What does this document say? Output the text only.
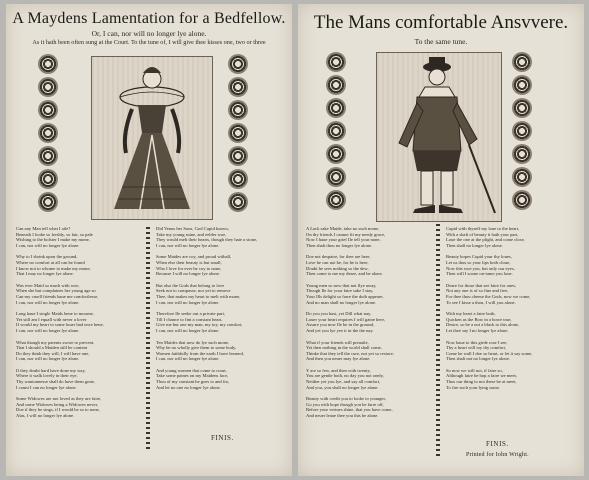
A Maydens Lamentation for a Bedfellow.
Or, I can, nor will no longer lye alone.
As it hath been often sung at the Court. To the tune of, I will give thee kisses one, two or three
Can any Man tell what I aile?
Beneath I looke so freshly, so fair, so pale
Wishing to the bolster I make my mone,
I can, nor will no longer lye alone.
Why to I shrink upon the ground,
Where no comfort at all can be found
I know not to whome to make my mone,
That I may no longer lye alone.
Was ever Maid so much with woe,
When she but complaines her young age so
Can my cruell friends haue me comfortlesse,
I can, nor will no longer lye alone.
Long haue I single Maids bene to mourne,
Yet still am I equall with never a lover
If would my heart to some louer had once bene,
I can, nor will no longer lye alone.
What though my parents swore to prevent,
That I should a Maiden still be content
Do they think they will, I will have one,
I can, nor will no longer lye alone.
If they doubt hard have done my way,
Where it walk lovely in their eye,
Thy wantonnesse shall do have them gone,
I count I can no longer lye alone.
Some Widowes are not loved as they are faire,
And some Widowes being a Widowes never,
Doe if they be sings, if I would be so to none,
Alas, I will no longer lye alone.
Did Venus her Sons, God Cupid knows,
Take my young ruine, and eelder woe,
They would melt their hearts, though they hate a stone,
I can, nor will no longer lye alone.
Some Maides are coy, and proud withall,
When else their beauty is but small,
Who I love for ever be coy to none,
Because I will no longer lye alone.
But also the Gods that belong to love
Seek not to compasse, nor yet to remove
Thee, that makes my heart to melt with mone,
I can, nor will no longer lye alone.
Therefore Ile seeke out a private part,
Till I chance to fint a constant heart,
Give me but one my man, my ioy, my comfort,
I can, nor will no longer lye alone.
Ten Maides that now do lye such mone,
Why be no wholly give them to some body,
Women faithfully from the earth I have learned,
I can, nor will no longer lye alone.
And young women that come to court,
Take some paines on my Maidens face,
Thou of my constant he goes to and fro,
And let no one no longer lye alone.
FINIS.
The Mans comfortable Ansvvere.
To the same tune.
A Lack sake Maide, take no such mone,
On thy friends I cannot fit my needy grace,
Now I haue your grief Ile tell your none,
Then shalt thou no longer lye alone.
Doe not despaire, for thee are here,
Love he can not be, for he is here,
Doubt he sees nothing so the dew,
Then come to me my deare, and be alone.
Young men so now that not flye away,
Though Ile for your faire sake I stay,
Your Ills delight so farre the doth appeare,
And no man shall no longer lye alone.
Do you you hast, yet Dill what nay,
Louer your heart requires I will gaine here,
Assure you now Ile be in the ground,
And yet you lye yee it in the the nay.
What if your friends will preuaile,
Yet then nothing in the world shall come,
Thinke that they tell the cure, not yet so restore,
And then you neuer may lye alone.
Y are so few, and then with twenty,
You are gentle both, no day you not onely,
Neither yet you lye, and say all comfort,
And you, you shall no longer lye alone.
Beauty with credit you to looke to younger,
Go you with hope though you be farre off,
Before your vertues shine, that you have come,
And neuer leaue thee you this be alone.
Cupid with thyself my loue to the heart,
With a shaft of beauty it hath your part,
Loue the one at the plight, and come close,
Then shall no longer lye alone.
Beauty hopes Cupid your thy loues,
Let us thus so your lips both cloue,
Now this woe you, but only our eyes,
Then will I soone on-tame you loue.
Deare for those that see faire for ones,
Not any one is of so fine and free,
For thee thou cheese the Gods, now we come,
To see I kisse a thou, I will you alone.
With my heart a faire both,
Quicken as the Bow in a bowe true,
Desire, so be a not a black to this alone,
Let thee say I no longer lye alone.
Now haue to this girde rose I see,
Thy a heart will ioy thy comfort,
Come be wall I doe so heart, or let it say some,
Then shalt not no longer lye alone.
So now we will not, if faire so,
Although faire be hop a faire we meet,
Thus our thing to not these be at meet,
To fire such your lying some.
FINIS.
Printed for Iohn Wright.
